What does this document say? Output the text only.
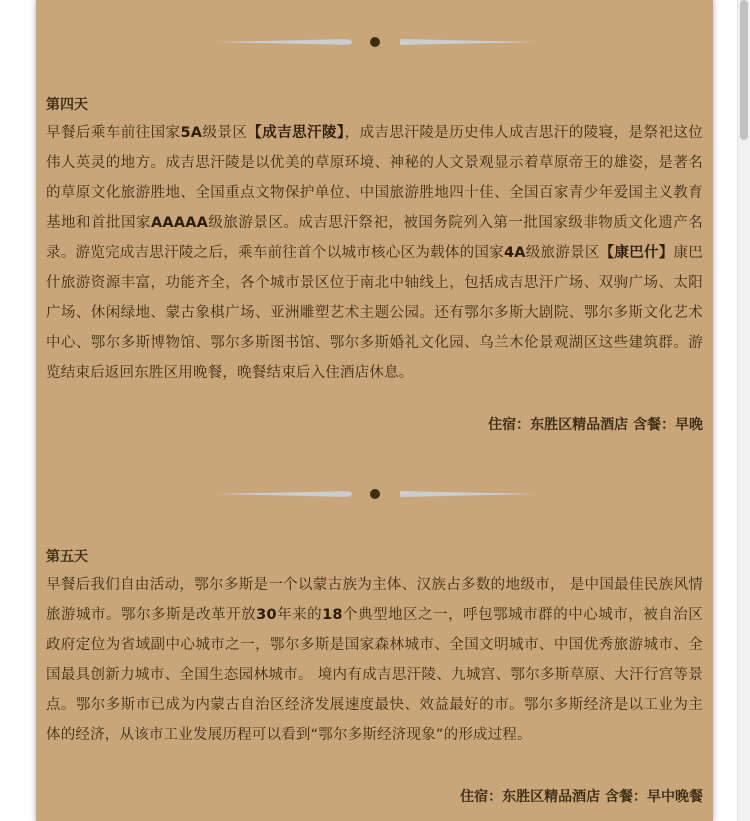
第四天
早餐后乘车前往国家5A级景区【成吉思汗陵】，成吉思汗陵是历史伟人成吉思汗的陵寝，是祭祀这位伟人英灵的地方。成吉思汗陵是以优美的草原环境、神秘的人文景观显示着草原帝王的雄姿，是著名的草原文化旅游胜地、全国重点文物保护单位、中国旅游胜地四十佳、全国百家青少年爱国主义教育基地和首批国家AAAAA级旅游景区。成吉思汗祭祀，被国务院列入第一批国家级非物质文化遗产名录。游览完成吉思汗陵之后，乘车前往首个以城市核心区为载体的国家4A级旅游景区【康巴什】康巴什旅游资源丰富，功能齐全，各个城市景区位于南北中轴线上，包括成吉思汗广场、双驹广场、太阳广场、休闲绿地、蒙古象棋广场、亚洲雕塑艺术主题公园。还有鄂尔多斯大剧院、鄂尔多斯文化艺术中心、鄂尔多斯博物馆、鄂尔多斯图书馆、鄂尔多斯婚礼文化园、乌兰木伦景观湖区这些建筑群。游览结束后返回东胜区用晚餐，晚餐结束后入住酒店休息。
住宿：东胜区精品酒店 含餐：早晚
第五天
早餐后我们自由活动，鄂尔多斯是一个以蒙古族为主体、汉族占多数的地级市， 是中国最佳民族风情旅游城市。鄂尔多斯是改革开放30年来的18个典型地区之一，呼包鄂城市群的中心城市，被自治区政府定位为省域副中心城市之一，鄂尔多斯是国家森林城市、全国文明城市、中国优秀旅游城市、全国最具创新力城市、全国生态园林城市。 境内有成吉思汗陵、九城宫、鄂尔多斯草原、大汗行宫等景点。鄂尔多斯市已成为内蒙古自治区经济发展速度最快、效益最好的市。鄂尔多斯经济是以工业为主体的经济，从该市工业发展历程可以看到“鄂尔多斯经济现象”的形成过程。
住宿：东胜区精品酒店 含餐：早中晚餐
